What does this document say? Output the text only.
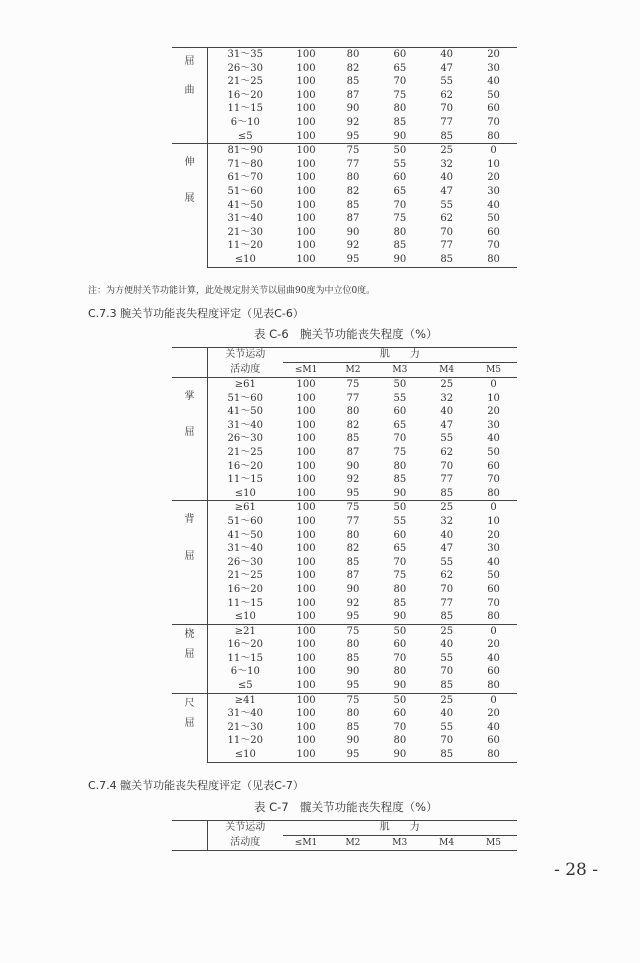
屈
曲	31～35	100	80	60	40	20
	26～30	100	82	65	47	30
	21～25	100	85	70	55	40
	16～20	100	87	75	62	50
	11～15	100	90	80	70	60
	6～10	100	92	85	77	70
	≤5	100	95	90	85	80

伸
展	81～90	100	75	50	25	0
	71～80	100	77	55	32	10
	61～70	100	80	60	40	20
	51～60	100	82	65	47	30
	41～50	100	85	70	55	40
	31～40	100	87	75	62	50
	21～30	100	90	80	70	60
	11～20	100	92	85	77	70
	≤10	100	95	90	85	80
注：为方便肘关节功能计算，此处规定肘关节以屈曲90度为中立位0度。
C.7.3 腕关节功能丧失程度评定（见表C-6）
表 C-6　腕关节功能丧失程度（%）
	关节运动	肌　　力				
	活动度	≤M1	M2	M3	M4	M5

掌
屈	≥61	100	75	50	25	0
	51～60	100	77	55	32	10
	41～50	100	80	60	40	20
	31～40	100	82	65	47	30
	26～30	100	85	70	55	40
	21～25	100	87	75	62	50
	16～20	100	90	80	70	60
	11～15	100	92	85	77	70
	≤10	100	95	90	85	80

背
屈	≥61	100	75	50	25	0
	51～60	100	77	55	32	10
	41～50	100	80	60	40	20
	31～40	100	82	65	47	30
	26～30	100	85	70	55	40
	21～25	100	87	75	62	50
	16～20	100	90	80	70	60
	11～15	100	92	85	77	70
	≤10	100	95	90	85	80

桡
屈	≥21	100	75	50	25	0
	16～20	100	80	60	40	20
	11～15	100	85	70	55	40
	6～10	100	90	80	70	60
	≤5	100	95	90	85	80

尺
屈	≥41	100	75	50	25	0
	31～40	100	80	60	40	20
	21～30	100	85	70	55	40
	11～20	100	90	80	70	60
	≤10	100	95	90	85	80
C.7.4 髋关节功能丧失程度评定（见表C-7）
表 C-7　髋关节功能丧失程度（%）
	关节运动	肌　　力				
	活动度	≤M1	M2	M3	M4	M5
- 28 -
